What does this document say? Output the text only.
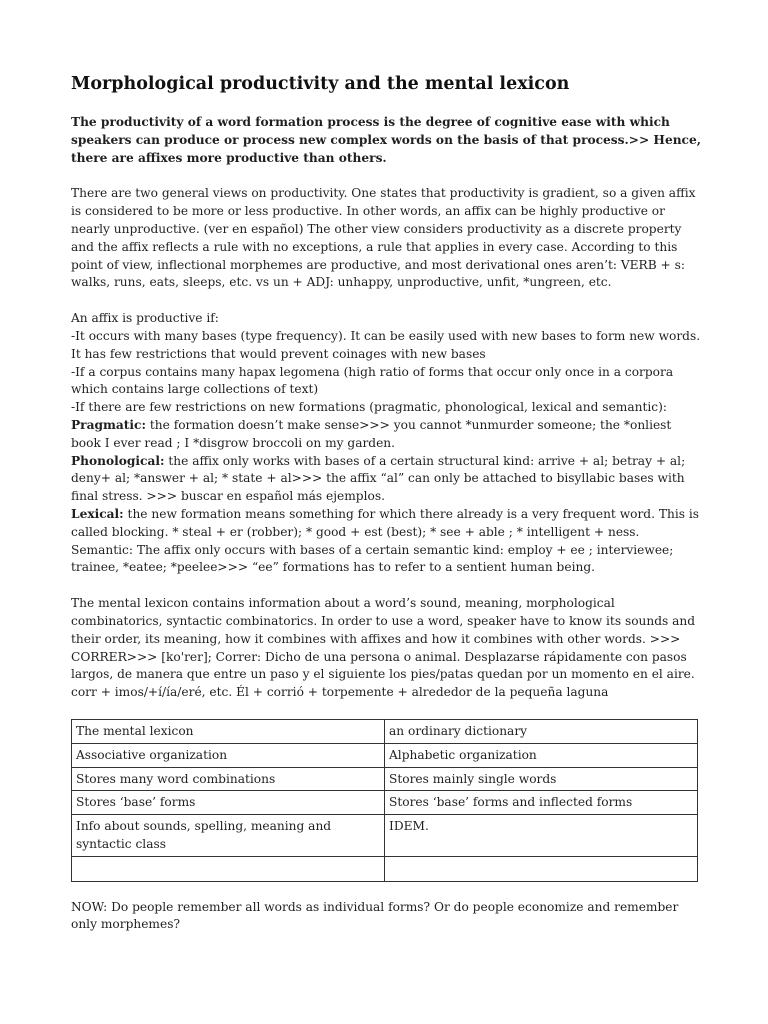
Morphological productivity and the mental lexicon

The productivity of a word formation process is the degree of cognitive ease with which speakers can produce or process new complex words on the basis of that process.>> Hence, there are affixes more productive than others.

There are two general views on productivity. One states that productivity is gradient, so a given affix is considered to be more or less productive. In other words, an affix can be highly productive or nearly unproductive. (ver en español) The other view considers productivity as a discrete property and the affix reflects a rule with no exceptions, a rule that applies in every case. According to this point of view, inflectional morphemes are productive, and most derivational ones aren’t: VERB + s: walks, runs, eats, sleeps, etc. vs un + ADJ: unhappy, unproductive, unfit, *ungreen, etc.

An affix is productive if:

-It occurs with many bases (type frequency). It can be easily used with new bases to form new words. It has few restrictions that would prevent coinages with new bases

-If a corpus contains many hapax legomena (high ratio of forms that occur only once in a corpora which contains large collections of text)

-If there are few restrictions on new formations (pragmatic, phonological, lexical and semantic):

Pragmatic: the formation doesn’t make sense>>> you cannot *unmurder someone; the *onliest book I ever read ; I *disgrow broccoli on my garden.

Phonological: the affix only works with bases of a certain structural kind: arrive + al; betray + al; deny+ al; *answer + al; * state + al>>> the affix “al” can only be attached to bisyllabic bases with final stress. >>> buscar en español más ejemplos.

Lexical: the new formation means something for which there already is a very frequent word. This is called blocking. * steal + er (robber); * good + est (best); * see + able ; * intelligent + ness.

Semantic: The affix only occurs with bases of a certain semantic kind: employ + ee ; interviewee; trainee, *eatee; *peelee>>> “ee” formations has to refer to a sentient human being.

The mental lexicon contains information about a word’s sound, meaning, morphological combinatorics, syntactic combinatorics. In order to use a word, speaker have to know its sounds and their order, its meaning, how it combines with affixes and how it combines with other words. >>> CORRER>>> [ko'rer]; Correr: Dicho de una persona o animal. Desplazarse rápidamente con pasos largos, de manera que entre un paso y el siguiente los pies/patas quedan por un momento en el aire. corr + imos/+í/ía/eré, etc. Él + corrió + torpemente + alrededor de la pequeña laguna

The mental lexicon	an ordinary dictionary
Associative organization	Alphabetic organization
Stores many word combinations	Stores mainly single words
Stores ‘base’ forms	Stores ‘base’ forms and inflected forms
Info about sounds, spelling, meaning and syntactic class	IDEM.

NOW: Do people remember all words as individual forms? Or do people economize and remember only morphemes?
